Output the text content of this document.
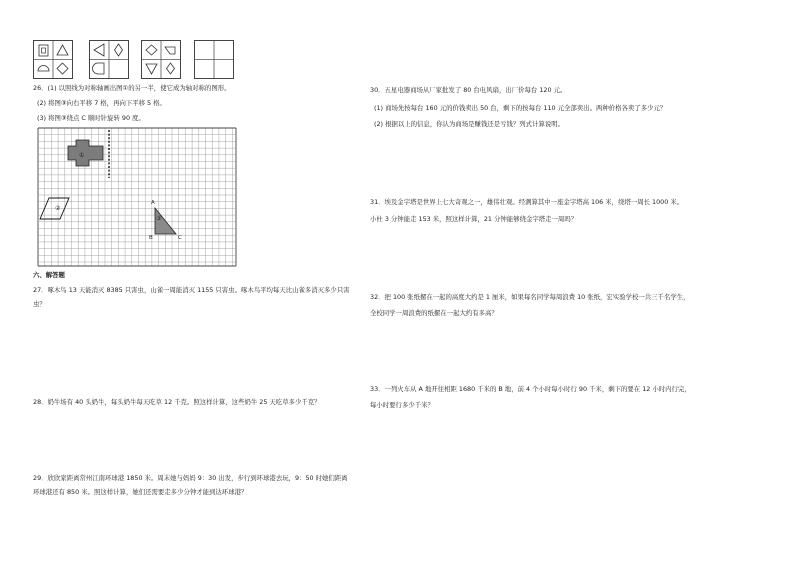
26．(1) 以照线为对称轴画出图①的另一半，使它成为轴对称的图形。
(2) 将图③向右平移 7 格，再向下平移 5 格。
(3) 将图③绕点 C 顺时针旋转 90 度。
①
②
③
A
B	C
六、解答题
27．啄木鸟 13 天能消灭 8385 只害虫，山雀一周能消灭 1155 只害虫。啄木鸟平均每天比山雀多消灭多少只害
虫？
28．奶牛场有 40 头奶牛，每头奶牛每天吃草 12 千克。照这样计算，这些奶牛 25 天吃草多少千克？
29．欣欣家距离常州江南环球港 1850 米。周末她与妈妈 9：30 出发，步行到环球港去玩，9：50 时她们距离
环球港还有 850 米。照这样计算，她们还需要走多少分钟才能到达环球港？
30．五星电器商场从厂家批发了 80 台电风扇，出厂价每台 120 元。
(1) 商场先按每台 160 元的价钱卖出 50 台，剩下的按每台 110 元全部卖出。两种价格各卖了多少元？
(2) 根据以上的信息，你认为商场是赚钱还是亏钱？列式计算说明。
31．埃及金字塔是世界上七大奇观之一，雄伟壮观。经测算其中一座金字塔高 106 米，绕塔一周长 1000 米。
小杜 3 分钟能走 153 米，照这样计算，21 分钟能够绕金字塔走一周吗？
32．把 100 张纸摞在一起的高度大约是 1 厘米，如果每名同学每周浪费 10 张纸，宏实验学校一共三千名学生，
全校同学一周浪费的纸摞在一起大约有多高？
33．一列火车从 A 地开往相距 1680 千米的 B 地，前 4 个小时每小时行 90 千米，剩下的要在 12 小时内行完，
每小时要行多少千米？
